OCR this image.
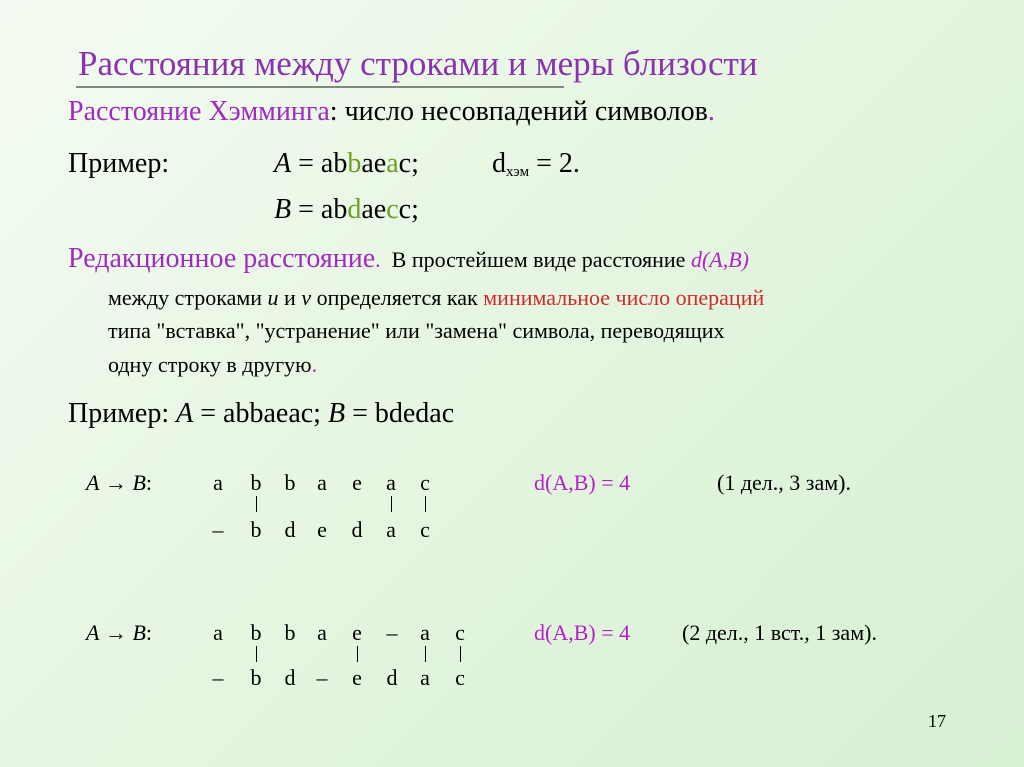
Расстояния между строками и меры близости
Расстояние Хэмминга: число несовпадений символов.
Пример:	A = abbaeac;	$d_{хэм} = 2$.
B = abdaecc;
Редакционное расстояние. В простейшем виде расстояние d(A,B)
между строками u и v определяется как минимальное число операций
типа "вставка", "устранение" или "замена" символа, переводящих
одну строку в другую.
Пример: A = abbaeac; B = bdedac
A → B:	a b b a e a c
– b d e d a c
d(A,B) = 4	(1 дел., 3 зам).
A → B:	a b b a e – a c
– b d – e d a c
d(A,B) = 4 (2 дел., 1 вст., 1 зам).
17
